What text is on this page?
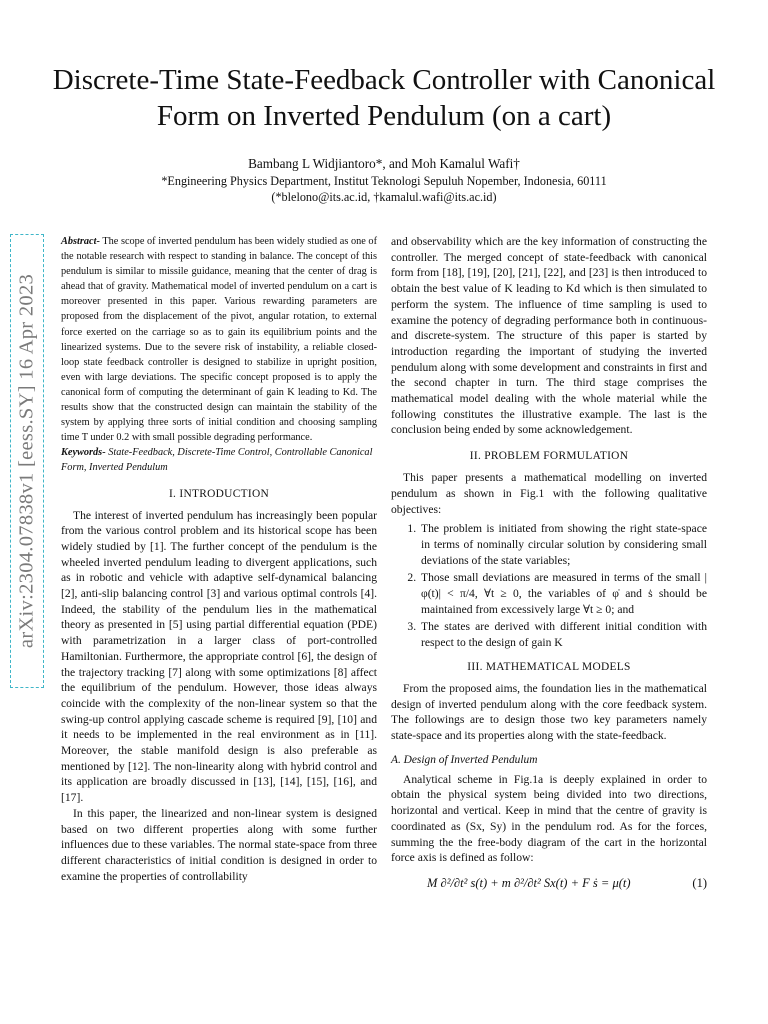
arXiv:2304.07838v1 [eess.SY] 16 Apr 2023
Discrete-Time State-Feedback Controller with Canonical Form on Inverted Pendulum (on a cart)
Bambang L Widjiantoro*, and Moh Kamalul Wafi†
*Engineering Physics Department, Institut Teknologi Sepuluh Nopember, Indonesia, 60111
(*blelono@its.ac.id, †kamalul.wafi@its.ac.id)

Abstract- The scope of inverted pendulum has been widely studied as one of the notable research with respect to standing in balance. The concept of this pendulum is similar to missile guidance, meaning that the center of drag is ahead that of gravity. Mathematical model of inverted pendulum on a cart is moreover presented in this paper. Various rewarding parameters are proposed from the displacement of the pivot, angular rotation, to external force exerted on the carriage so as to gain its equilibrium points and the linearized systems. Due to the severe risk of instability, a reliable closed-loop state feedback controller is designed to stabilize in upright position, even with large deviations. The specific concept proposed is to apply the canonical form of computing the determinant of gain K leading to Kd. The results show that the constructed design can maintain the stability of the system by applying three sorts of initial condition and choosing sampling time T under 0.2 with small possible degrading performance.

Keywords- State-Feedback, Discrete-Time Control, Controllable Canonical Form, Inverted Pendulum

I. INTRODUCTION

The interest of inverted pendulum has increasingly been popular from the various control problem and its historical scope has been widely studied by [1]. The further concept of the pendulum is the wheeled inverted pendulum leading to divergent applications, such as in robotic and vehicle with adaptive self-dynamical balancing [2], anti-slip balancing control [3] and various optimal controls [4]. Indeed, the stability of the pendulum lies in the mathematical theory as presented in [5] using partial differential equation (PDE) with parametrization in a larger class of port-controlled Hamiltonian. Furthermore, the appropriate control [6], the design of the trajectory tracking [7] along with some optimizations [8] affect the equilibrium of the pendulum. However, those ideas always coincide with the complexity of the non-linear system so that the swing-up control applying cascade scheme is required [9], [10] and it needs to be implemented in the real environment as in [11]. Moreover, the stable manifold design is also preferable as mentioned by [12]. The non-linearity along with hybrid control and its application are broadly discussed in [13], [14], [15], [16], and [17].

In this paper, the linearized and non-linear system is designed based on two different properties along with some further influences due to these variables. The normal state-space from three different characteristics of initial condition is designed in order to examine the properties of controllability

and observability which are the key information of constructing the controller. The merged concept of state-feedback with canonical form from [18], [19], [20], [21], [22], and [23] is then introduced to obtain the best value of K leading to Kd which is then simulated to perform the system. The influence of time sampling is used to examine the potency of degrading performance both in continuous- and discrete-system. The structure of this paper is started by introduction regarding the important of studying the inverted pendulum along with some development and constraints in first and the second chapter in turn. The third stage comprises the mathematical model dealing with the whole material while the following constitutes the illustrative example. The last is the conclusion being ended by some acknowledgement.

II. PROBLEM FORMULATION

This paper presents a mathematical modelling on inverted pendulum as shown in Fig.1 with the following qualitative objectives:

1. The problem is initiated from showing the right state-space in terms of nominally circular solution by considering small deviations of the state variables;
2. Those small deviations are measured in terms of the small |φ(t)| < π/4, ∀t ≥ 0, the variables of φ̇ and ṡ should be maintained from excessively large ∀t ≥ 0; and
3. The states are derived with different initial condition with respect to the design of gain K
III. MATHEMATICAL MODELS

From the proposed aims, the foundation lies in the mathematical design of inverted pendulum along with the core feedback system. The followings are to design those two key parameters namely state-space and its properties along with the state-feedback.

A. Design of Inverted Pendulum

Analytical scheme in Fig.1a is deeply explained in order to obtain the physical system being divided into two directions, horizontal and vertical. Keep in mind that the centre of gravity is coordinated as (Sx, Sy) in the pendulum rod. As for the forces, summing the the free-body diagram of the cart in the horizontal force axis is defined as follow:

M ∂²/∂t² s(t) + m ∂²/∂t² Sx(t) + F ṡ = μ(t)	(1)
